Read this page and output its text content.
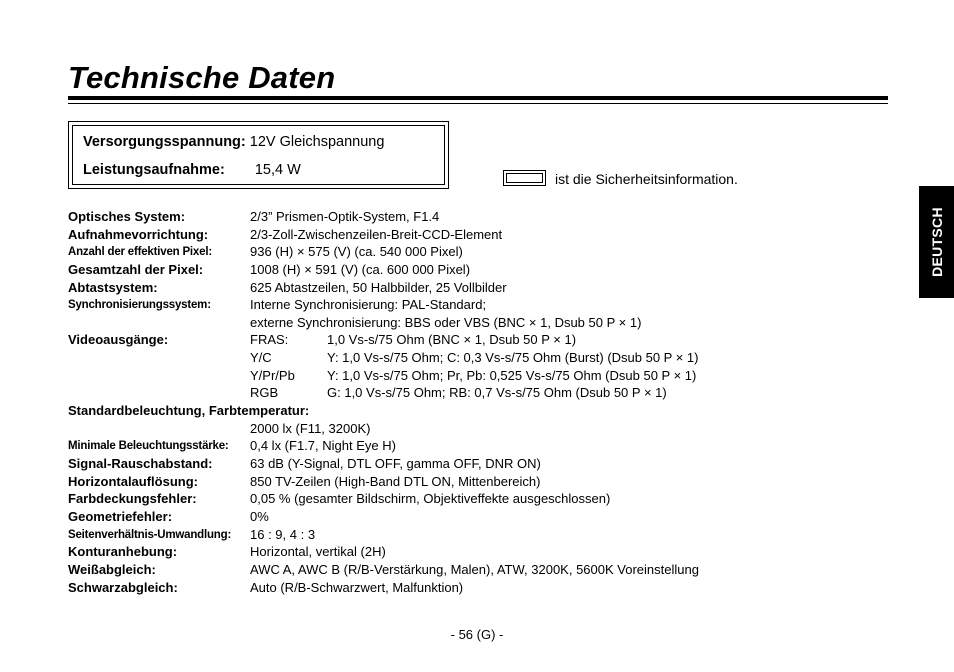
Technische Daten
Versorgungsspannung: 12V Gleichspannung
Leistungsaufnahme: 15,4 W
ist die Sicherheitsinformation.
DEUTSCH
Optisches System:	2/3” Prismen-Optik-System, F1.4
Aufnahmevorrichtung:	2/3-Zoll-Zwischenzeilen-Breit-CCD-Element
Anzahl der effektiven Pixel:	936 (H) × 575 (V) (ca. 540 000 Pixel)
Gesamtzahl der Pixel:	1008 (H) × 591 (V) (ca. 600 000 Pixel)
Abtastsystem:	625 Abtastzeilen, 50 Halbbilder, 25 Vollbilder
Synchronisierungssystem:	Interne Synchronisierung: PAL-Standard;
externe Synchronisierung: BBS oder VBS (BNC × 1, Dsub 50 P × 1)
Videoausgänge:	FRAS:	1,0 Vs-s/75 Ohm (BNC × 1, Dsub 50 P × 1)
Y/C	Y: 1,0 Vs-s/75 Ohm; C: 0,3 Vs-s/75 Ohm (Burst) (Dsub 50 P × 1)
Y/Pr/Pb Y: 1,0 Vs-s/75 Ohm; Pr, Pb: 0,525 Vs-s/75 Ohm (Dsub 50 P × 1)
RGB	G: 1,0 Vs-s/75 Ohm; RB: 0,7 Vs-s/75 Ohm (Dsub 50 P × 1)
Standardbeleuchtung, Farbtemperatur:
2000 lx (F11, 3200K)
Minimale Beleuchtungsstärke: 0,4 lx (F1.7, Night Eye H)
Signal-Rauschabstand:	63 dB (Y-Signal, DTL OFF, gamma OFF, DNR ON)
Horizontalauflösung:	850 TV-Zeilen (High-Band DTL ON, Mittenbereich)
Farbdeckungsfehler:	0,05 % (gesamter Bildschirm, Objektiveffekte ausgeschlossen)
Geometriefehler:	0%
Seitenverhältnis-Umwandlung: 16 : 9, 4 : 3
Konturanhebung:	Horizontal, vertikal (2H)
Weißabgleich:	AWC A, AWC B (R/B-Verstärkung, Malen), ATW, 3200K, 5600K Voreinstellung
Schwarzabgleich:	Auto (R/B-Schwarzwert, Malfunktion)
- 56 (G) -
